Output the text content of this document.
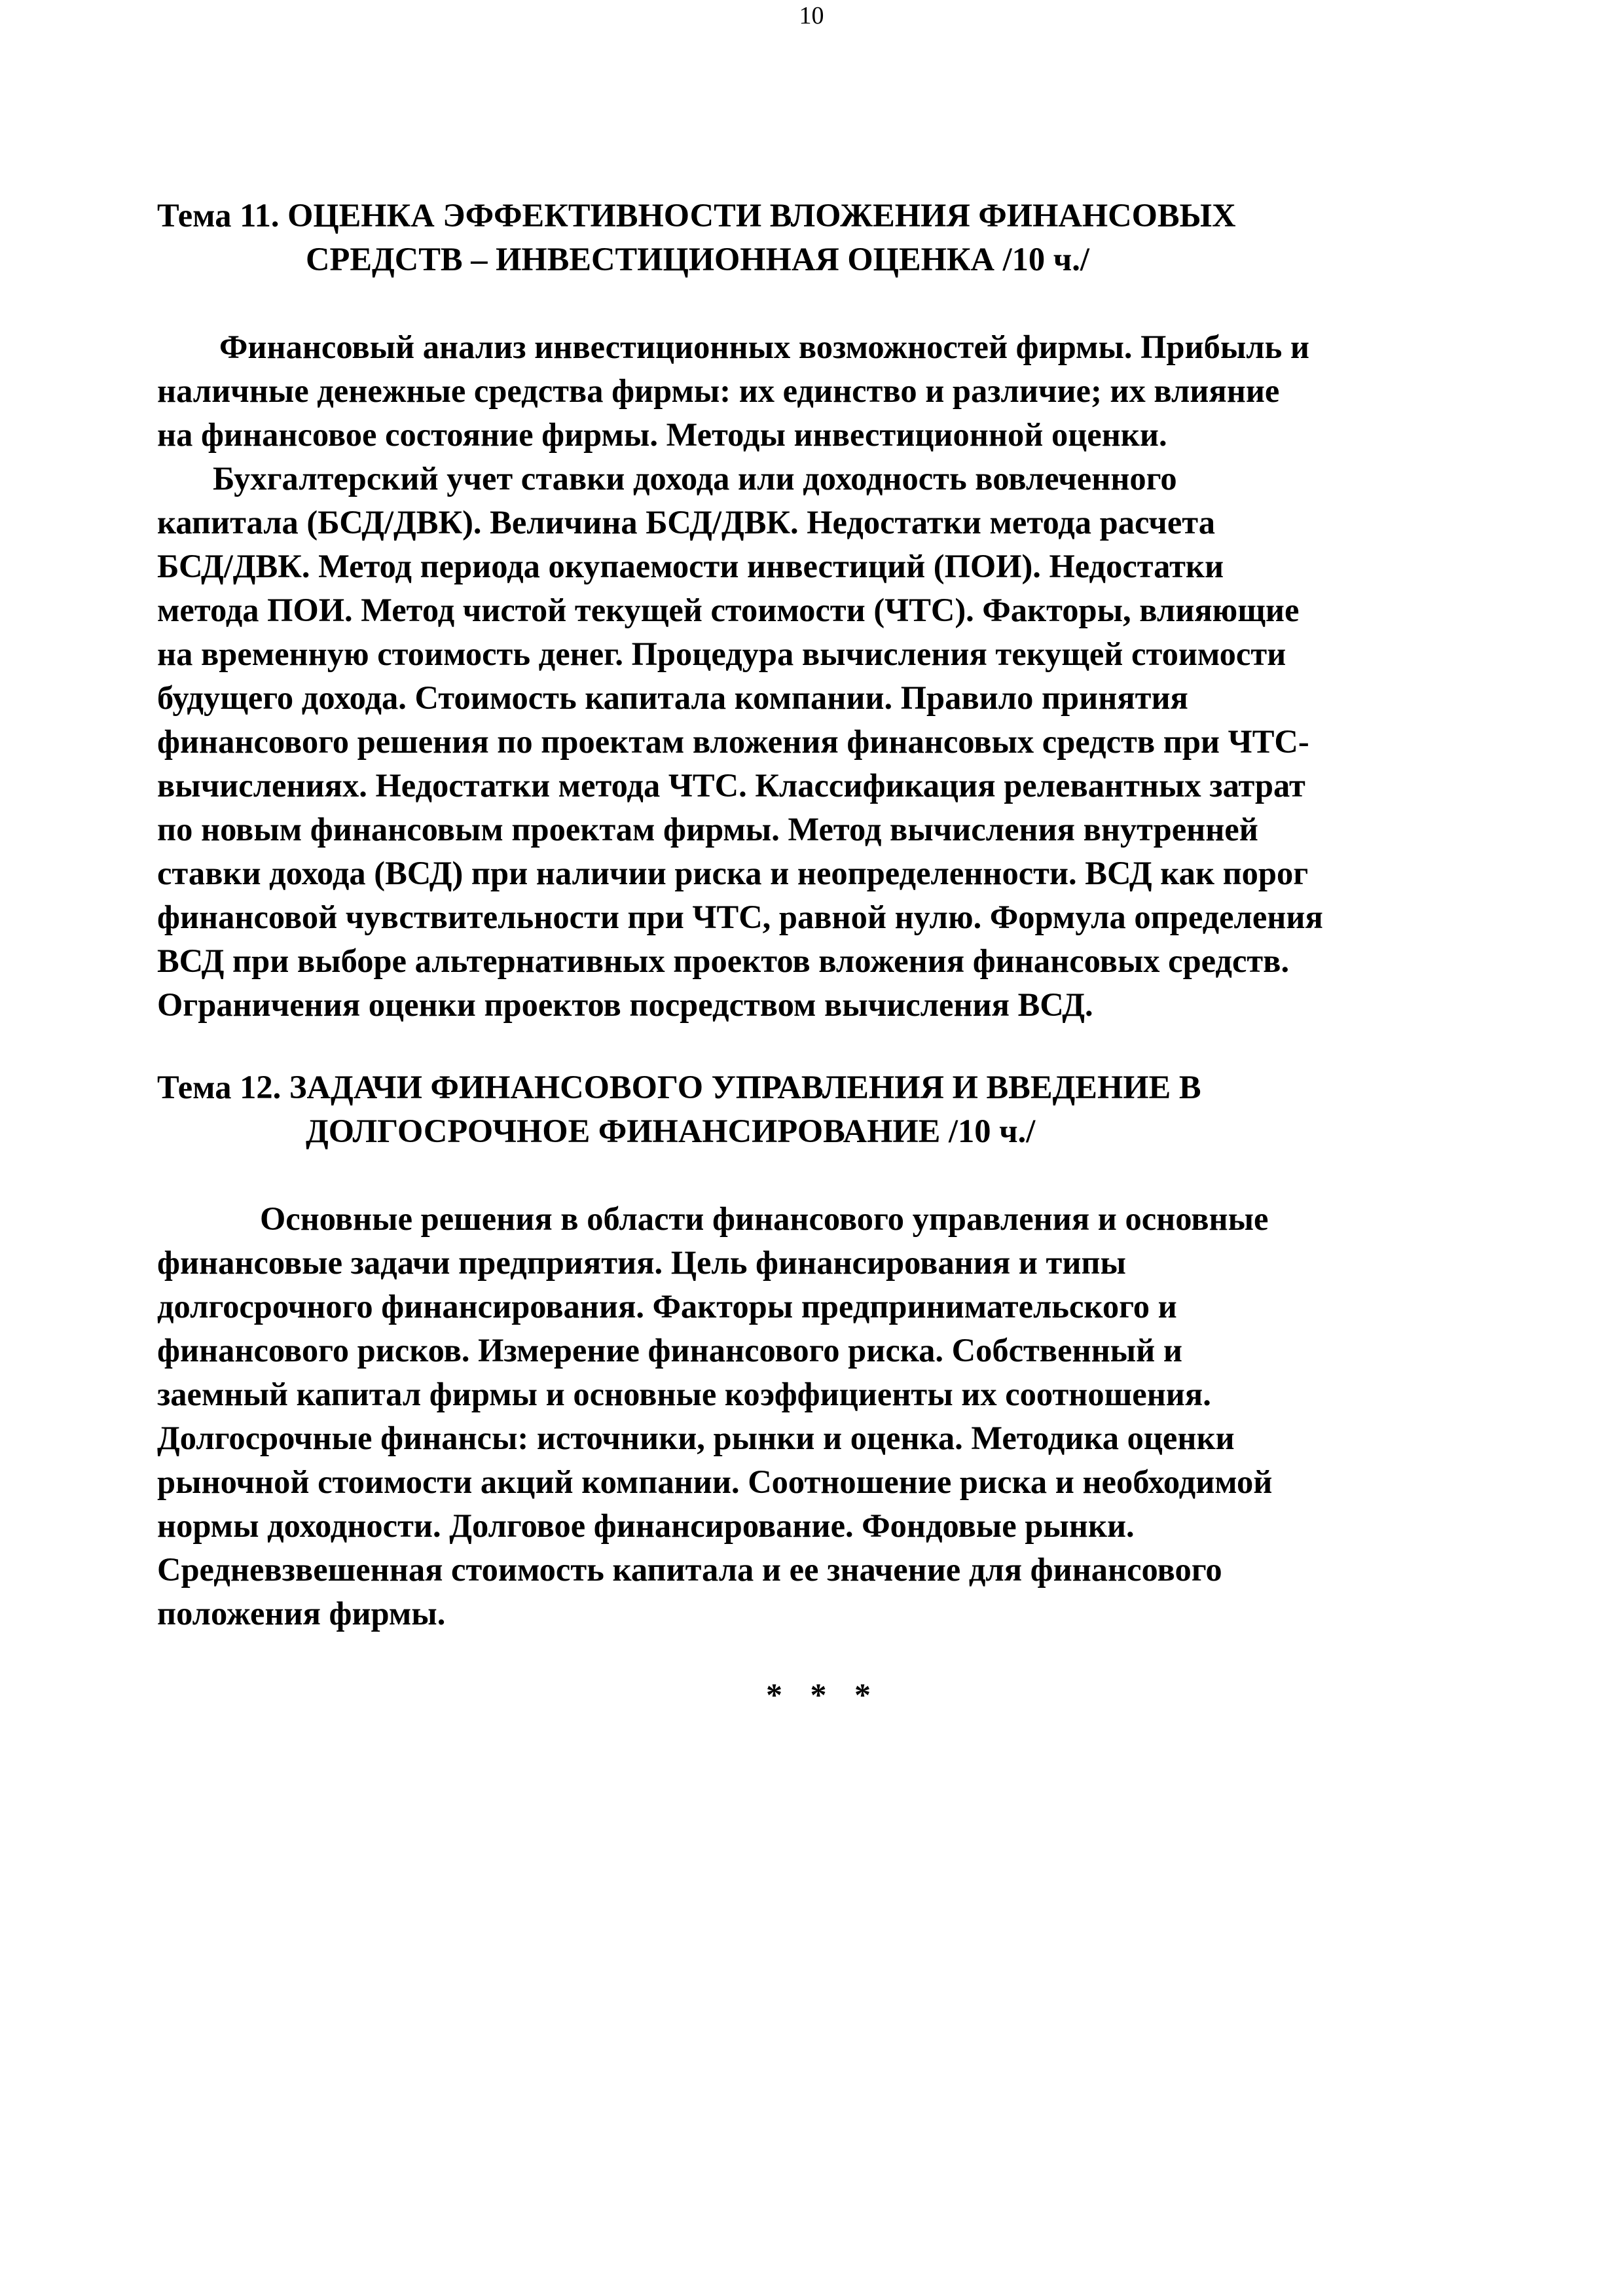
10
Тема 11. ОЦЕНКА ЭФФЕКТИВНОСТИ ВЛОЖЕНИЯ ФИНАНСОВЫХ
СРЕДСТВ – ИНВЕСТИЦИОННАЯ ОЦЕНКА /10 ч./
Финансовый анализ инвестиционных возможностей фирмы. Прибыль и
наличные денежные средства фирмы: их единство и различие; их влияние
на финансовое состояние фирмы. Методы инвестиционной оценки.
Бухгалтерский учет ставки дохода или доходность вовлеченного
капитала (БСД/ДВК). Величина БСД/ДВК. Недостатки метода расчета
БСД/ДВК. Метод периода окупаемости инвестиций (ПОИ). Недостатки
метода ПОИ. Метод чистой текущей стоимости (ЧТС). Факторы, влияющие
на временную стоимость денег. Процедура вычисления текущей стоимости
будущего дохода. Стоимость капитала компании. Правило принятия
финансового решения по проектам вложения финансовых средств при ЧТС-
вычислениях. Недостатки метода ЧТС. Классификация релевантных затрат
по новым финансовым проектам фирмы. Метод вычисления внутренней
ставки дохода (ВСД) при наличии риска и неопределенности. ВСД как порог
финансовой чувствительности при ЧТС, равной нулю. Формула определения
ВСД при выборе альтернативных проектов вложения финансовых средств.
Ограничения оценки проектов посредством вычисления ВСД.
Тема 12. ЗАДАЧИ ФИНАНСОВОГО УПРАВЛЕНИЯ И ВВЕДЕНИЕ В
ДОЛГОСРОЧНОЕ ФИНАНСИРОВАНИЕ /10 ч./
Основные решения в области финансового управления и основные
финансовые задачи предприятия. Цель финансирования и типы
долгосрочного финансирования. Факторы предпринимательского и
финансового рисков. Измерение финансового риска. Собственный и
заемный капитал фирмы и основные коэффициенты их соотношения.
Долгосрочные финансы: источники, рынки и оценка. Методика оценки
рыночной стоимости акций компании. Соотношение риска и необходимой
нормы доходности. Долговое финансирование. Фондовые рынки.
Средневзвешенная стоимость капитала и ее значение для финансового
положения фирмы.
* * *
